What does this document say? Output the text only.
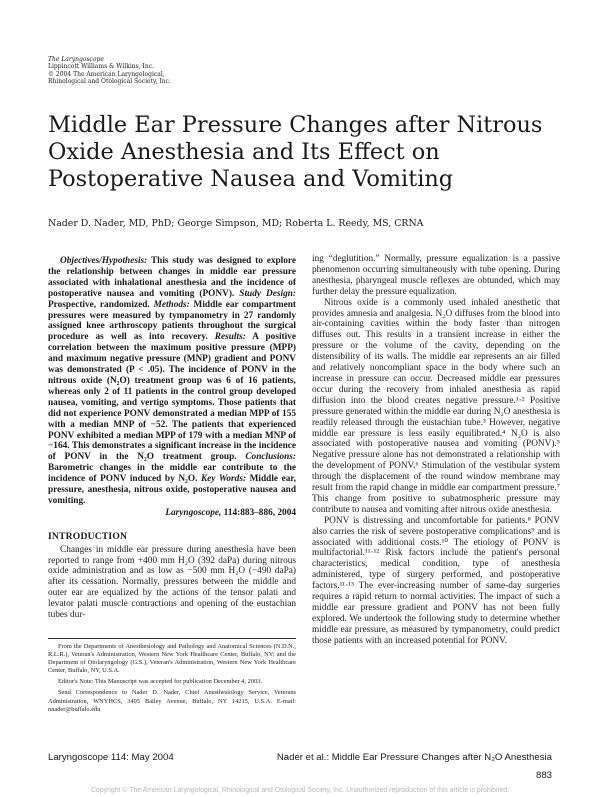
The Laryngoscope
Lippincott Williams & Wilkins, Inc.
© 2004 The American Laryngological,
Rhinological and Otological Society, Inc.
Middle Ear Pressure Changes after Nitrous Oxide Anesthesia and Its Effect on Postoperative Nausea and Vomiting
Nader D. Nader, MD, PhD; George Simpson, MD; Roberta L. Reedy, MS, CRNA

Objectives/Hypothesis: This study was designed to explore the relationship between changes in middle ear pressure associated with inhalational anesthesia and the incidence of postoperative nausea and vomiting (PONV). Study Design: Prospective, randomized. Methods: Middle ear compartment pressures were measured by tympanometry in 27 randomly assigned knee arthroscopy patients throughout the surgical procedure as well as into recovery. Results: A positive correlation between the maximum positive pressure (MPP) and maximum negative pressure (MNP) gradient and PONV was demonstrated (P < .05). The incidence of PONV in the nitrous oxide (N₂O) treatment group was 6 of 16 patients, whereas only 2 of 11 patients in the control group developed nausea, vomiting, and vertigo symptoms. Those patients that did not experience PONV demonstrated a median MPP of 155 with a median MNP of −52. The patients that experienced PONV exhibited a median MPP of 179 with a median MNP of −164. This demonstrates a significant increase in the incidence of PONV in the N₂O treatment group. Conclusions: Barometric changes in the middle ear contribute to the incidence of PONV induced by N₂O. Key Words: Middle ear, pressure, anesthesia, nitrous oxide, postoperative nausea and vomiting.

Laryngoscope, 114:883–886, 2004
INTRODUCTION

Changes in middle ear pressure during anesthesia have been reported to range from +400 mm H₂O (392 daPa) during nitrous oxide administration and as low as −500 mm H₂O (−490 daPa) after its cessation. Normally, pressures between the middle and outer ear are equalized by the actions of the tensor palati and levator palati muscle contractions and opening of the eustachian tubes dur-

From the Departments of Anesthesiology and Pathology and Anatomical Sciences (N.D.N., R.L.R.), Veteran's Administration, Western New York Healthcare Center, Buffalo, NY; and the Department of Otolaryngology (G.S.), Veteran's Administration, Western New York Healthcare Center, Buffalo, NY, U.S.A.

Editor's Note: This Manuscript was accepted for publication December 4, 2003.

Send Correspondence to Nader D. Nader, Chief Anesthesiology Service, Veterans Administration, WNYHCS, 3495 Bailey Avenue, Buffalo, NY 14215, U.S.A. E-mail: nnader@buffalo.edu

ing “deglutition.” Normally, pressure equalization is a passive phenomenon occurring simultaneously with tube opening. During anesthesia, pharyngeal muscle reflexes are obtunded, which may further delay the pressure equalization.

Nitrous oxide is a commonly used inhaled anesthetic that provides amnesia and analgesia. N₂O diffuses from the blood into air-containing cavities within the body faster than nitrogen diffuses out. This results in a transient increase in either the pressure or the volume of the cavity, depending on the distensibility of its walls. The middle ear represents an air filled and relatively noncompliant space in the body where such an increase in pressure can occur. Decreased middle ear pressures occur during the recovery from inhaled anesthesia as rapid diffusion into the blood creates negative pressure.¹·² Positive pressure generated within the middle ear during N₂O anesthesia is readily released through the eustachian tube.³ However, negative middle ear pressure is less easily equilibrated.⁴ N₂O is also associated with postoperative nausea and vomiting (PONV).⁵ Negative pressure alone has not demonstrated a relationship with the development of PONV.⁶ Stimulation of the vestibular system through the displacement of the round window membrane may result from the rapid change in middle ear compartment pressure.⁷ This change from positive to subatmospheric pressure may contribute to nausea and vomiting after nitrous oxide anesthesia.

PONV is distressing and uncomfortable for patients.⁸ PONV also carries the risk of severe postoperative complications⁹ and is associated with additional costs.¹⁰ The etiology of PONV is multifactorial.¹¹·¹² Risk factors include the patient's personal characteristics, medical condition, type of anesthesia administered, type of surgery performed, and postoperative factors.¹¹·¹³ The ever-increasing number of same-day surgeries requires a rapid return to normal activities. The impact of such a middle ear pressure gradient and PONV has not been fully explored. We undertook the following study to determine whether middle ear pressure, as measured by tympanometry, could predict those patients with an increased potential for PONV.

Laryngoscope 114: May 2004	Nader et al.: Middle Ear Pressure Changes after N₂O Anesthesia
883
Copyright © The American Laryngological, Rhinological and Otological Society, Inc. Unauthorized reproduction of this article is prohibited.
